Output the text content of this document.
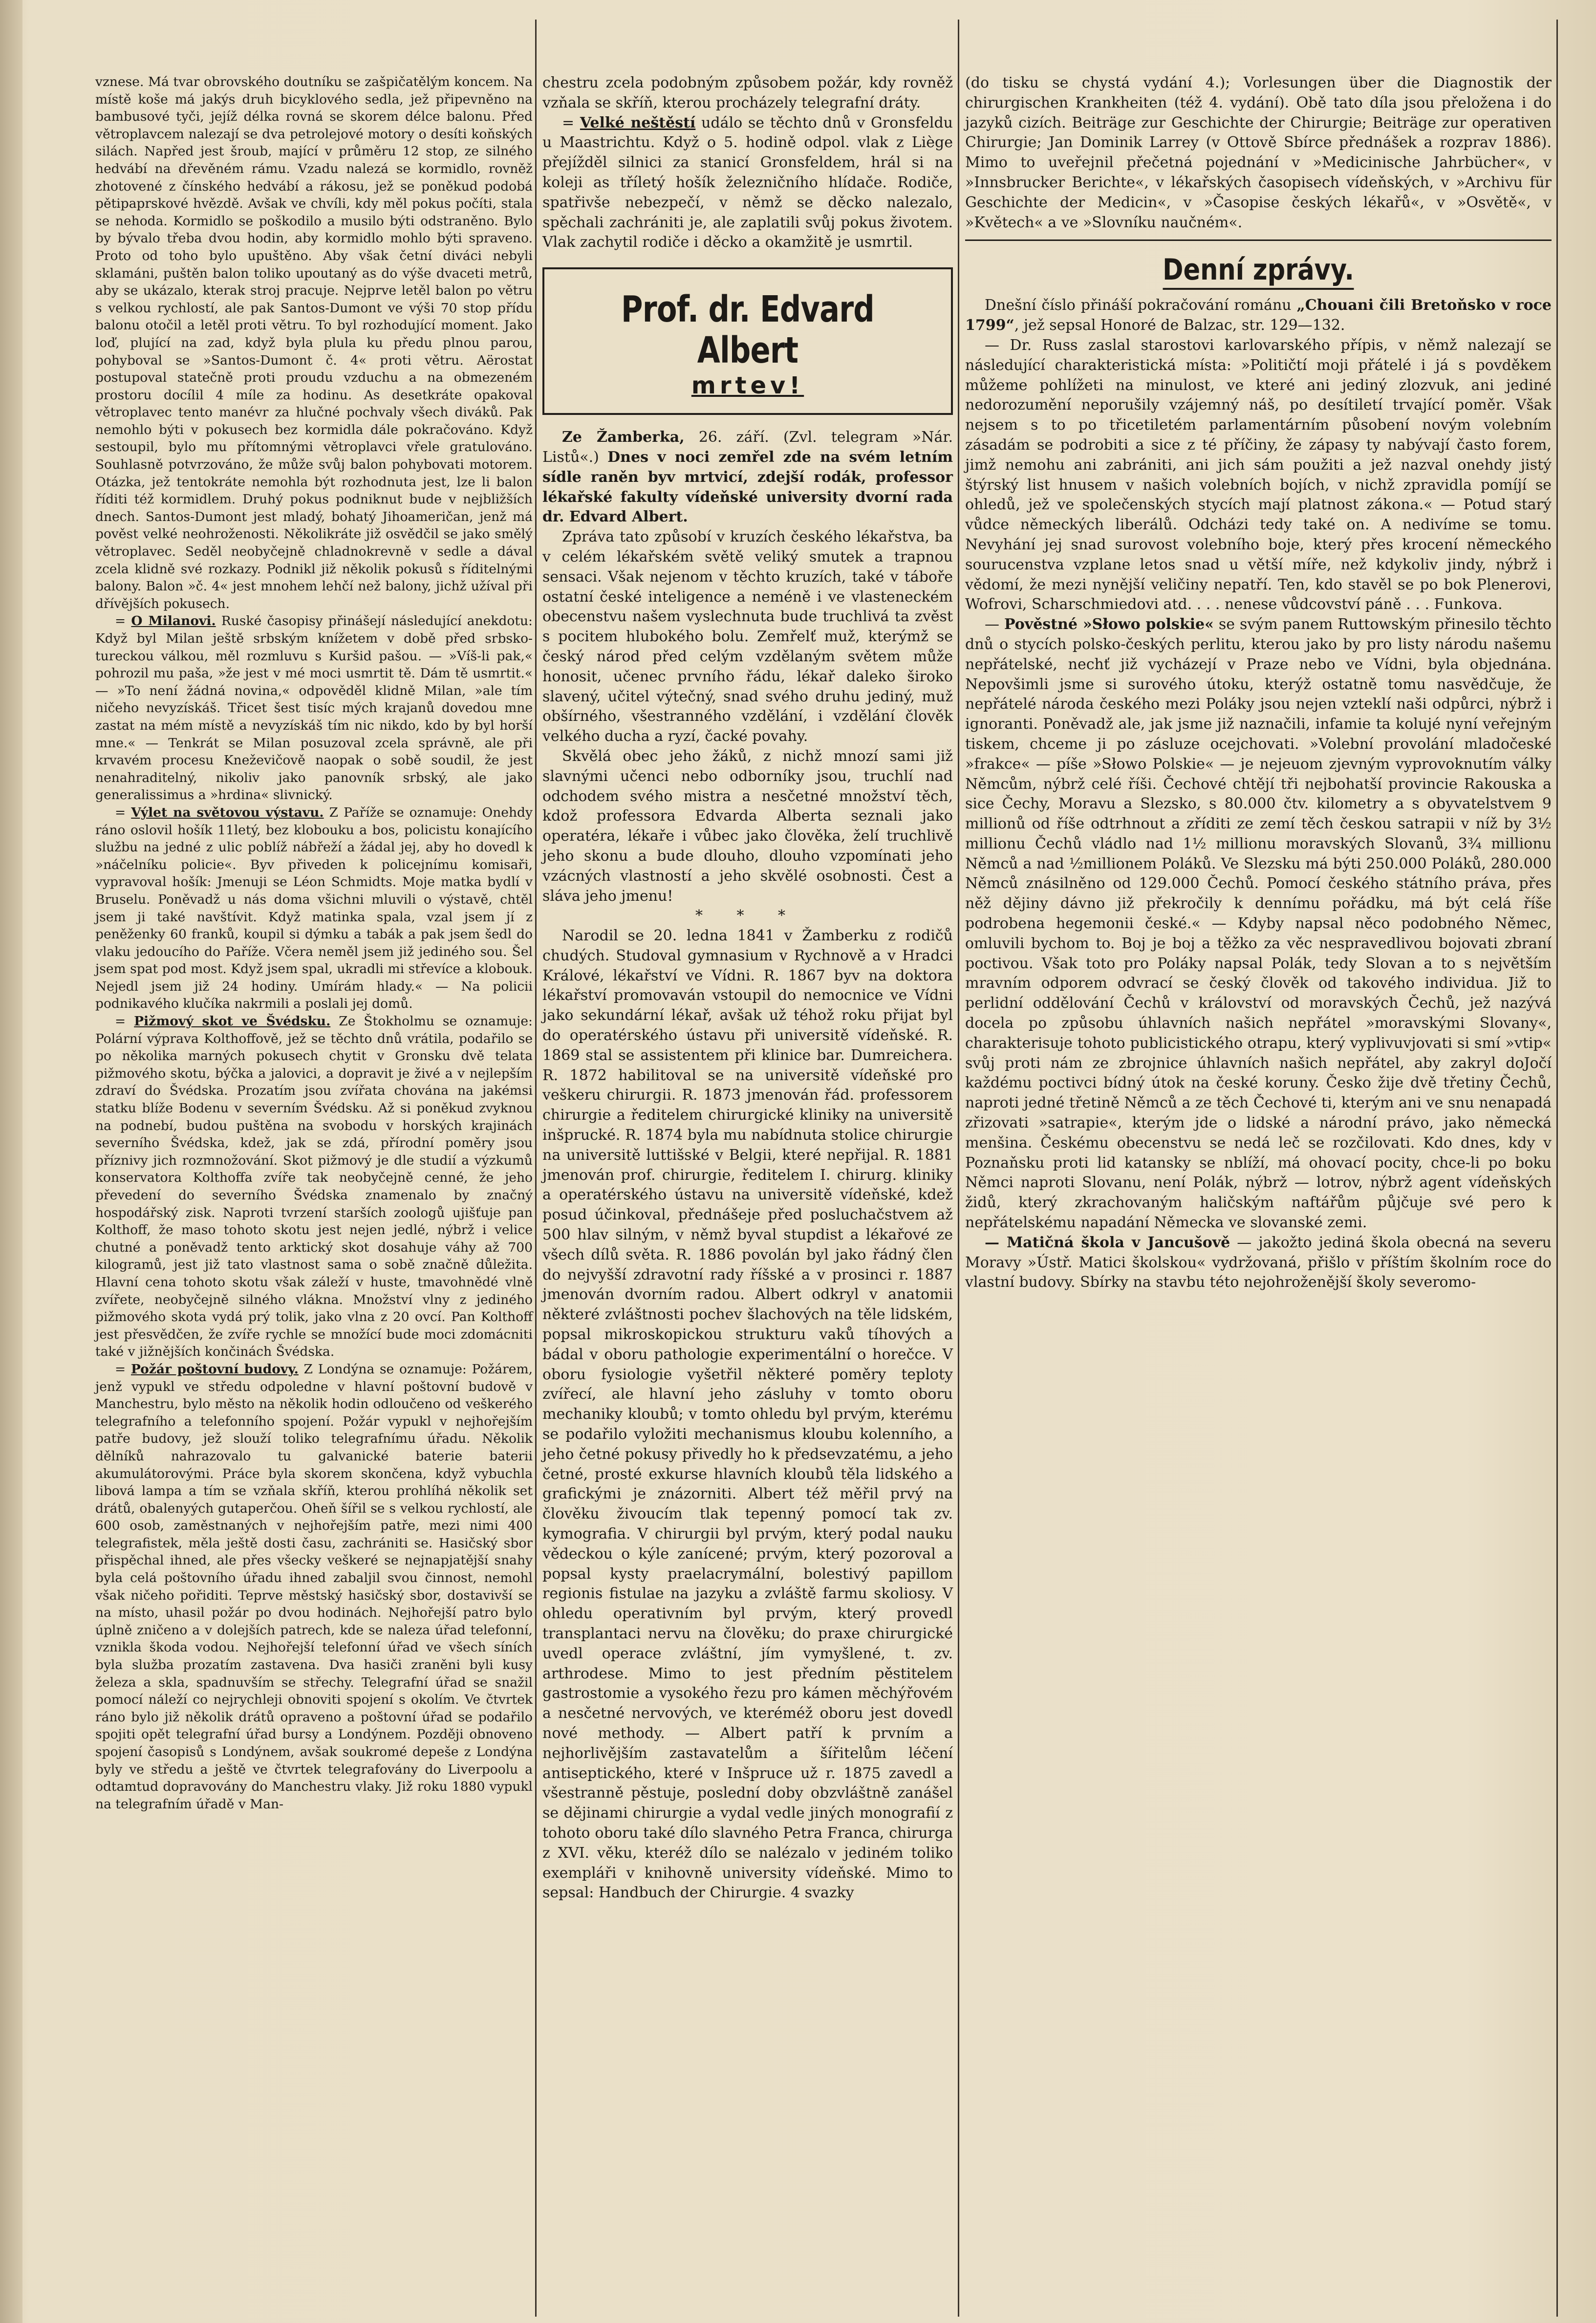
vznese. Má tvar obrovského doutníku se zašpičatělým koncem. Na místě koše má jakýs druh bicyklového sedla, jež připevněno na bambusové tyči, jejíž délka rovná se skorem délce balonu. Před větroplavcem nalezají se dva petrolejové motory o desíti koňských silách. Napřed jest šroub, mající v průměru 12 stop, ze silného hedvábí na dřevěném rámu. Vzadu nalezá se kormidlo, rovněž zhotovené z čínského hedvábí a rákosu, jež se poněkud podobá pětipaprskové hvězdě. Avšak ve chvíli, kdy měl pokus počíti, stala se nehoda. Kormidlo se poškodilo a musilo býti odstraněno. Bylo by bývalo třeba dvou hodin, aby kormidlo mohlo býti spraveno. Proto od toho bylo upuštěno. Aby však četní diváci nebyli sklamáni, puštěn balon toliko upoutaný as do výše dvaceti metrů, aby se ukázalo, kterak stroj pracuje. Nejprve letěl balon po větru s velkou rychlostí, ale pak Santos-Dumont ve výši 70 stop přídu balonu otočil a letěl proti větru. To byl rozhodující moment. Jako loď, plující na zad, když byla plula ku předu plnou parou, pohyboval se »Santos-Dumont č. 4« proti větru. Aërostat postupoval statečně proti proudu vzduchu a na obmezeném prostoru docílil 4 míle za hodinu. As desetkráte opakoval větroplavec tento manévr za hlučné pochvaly všech diváků. Pak nemohlo býti v pokusech bez kormidla dále pokračováno. Když sestoupil, bylo mu přítomnými větroplavci vřele gratulováno. Souhlasně potvrzováno, že může svůj balon pohybovati motorem. Otázka, jež tentokráte nemohla být rozhodnuta jest, lze li balon říditi též kormidlem. Druhý pokus podniknut bude v nejbližších dnech. Santos-Dumont jest mladý, bohatý Jihoameričan, jenž má pověst velké neohroženosti. Několikráte již osvědčil se jako smělý větroplavec. Seděl neobyčejně chladnokrevně v sedle a dával zcela klidně své rozkazy. Podnikl již několik pokusů s říditelnými balony. Balon »č. 4« jest mnohem lehčí než balony, jichž užíval při dřívějších pokusech.

= O Milanovi. Ruské časopisy přinášejí následující anekdotu: Když byl Milan ještě srbským knížetem v době před srbsko-tureckou válkou, měl rozmluvu s Kuršid pašou. — »Víš-li pak,« pohrozil mu paša, »že jest v mé moci usmrtit tě. Dám tě usmrtit.« — »To není žádná novina,« odpověděl klidně Milan, »ale tím ničeho nevyzískáš. Třicet šest tisíc mých krajanů dovedou mne zastat na mém místě a nevyzískáš tím nic nikdo, kdo by byl horší mne.« — Tenkrát se Milan posuzoval zcela správně, ale při krvavém procesu Kneževičově naopak o sobě soudil, že jest nenahraditelný, nikoliv jako panovník srbský, ale jako generalissimus a »hrdina« slivnický.

= Výlet na světovou výstavu. Z Paříže se oznamuje: Onehdy ráno oslovil hošík 11letý, bez klobouku a bos, policistu konajícího službu na jedné z ulic poblíž nábřeží a žádal jej, aby ho dovedl k »náčelníku policie«. Byv přiveden k policejnímu komisaři, vypravoval hošík: Jmenuji se Léon Schmidts. Moje matka bydlí v Bruselu. Poněvadž u nás doma všichni mluvili o výstavě, chtěl jsem ji také navštívit. Když matinka spala, vzal jsem jí z peněženky 60 franků, koupil si dýmku a tabák a pak jsem šedl do vlaku jedoucího do Paříže. Včera neměl jsem již jediného sou. Šel jsem spat pod most. Když jsem spal, ukradli mi střevíce a klobouk. Nejedl jsem již 24 hodiny. Umírám hlady.« — Na policii podnikavého klučíka nakrmili a poslali jej domů.

= Pižmový skot ve Švédsku. Ze Štokholmu se oznamuje: Polární výprava Kolthoffově, jež se těchto dnů vrátila, podařilo se po několika marných pokusech chytit v Gronsku dvě telata pižmového skotu, býčka a jalovici, a dopravit je živé a v nejlepším zdraví do Švédska. Prozatím jsou zvířata chována na jakémsi statku blíže Bodenu v severním Švédsku. Až si poněkud zvyknou na podnebí, budou puštěna na svobodu v horských krajinách severního Švédska, kdež, jak se zdá, přírodní poměry jsou příznivy jich rozmnožování. Skot pižmový je dle studií a výzkumů konservatora Kolthoffa zvíře tak neobyčejně cenné, že jeho převedení do severního Švédska znamenalo by značný hospodářský zisk. Naproti tvrzení starších zoologů ujišťuje pan Kolthoff, že maso tohoto skotu jest nejen jedlé, nýbrž i velice chutné a poněvadž tento arktický skot dosahuje váhy až 700 kilogramů, jest již tato vlastnost sama o sobě značně důležita. Hlavní cena tohoto skotu však záleží v huste, tmavohnědé vlně zvířete, neobyčejně silného vlákna. Množství vlny z jediného pižmového skota vydá prý tolik, jako vlna z 20 ovcí. Pan Kolthoff jest přesvědčen, že zvíře rychle se množící bude moci zdomácniti také v jižnějších končinách Švédska.

= Požár poštovní budovy. Z Londýna se oznamuje: Požárem, jenž vypukl ve středu odpoledne v hlavní poštovní budově v Manchestru, bylo město na několik hodin odloučeno od veškerého telegrafního a telefonního spojení. Požár vypukl v nejhořejším patře budovy, jež slouží toliko telegrafnímu úřadu. Několik dělníků nahrazovalo tu galvanické baterie baterii akumulátorovými. Práce byla skorem skončena, když vybuchla libová lampa a tím se vzňala skříň, kterou prohlíhá několik set drátů, obalenyých gutaperčou. Oheň šířil se s velkou rychlostí, ale 600 osob, zaměstnaných v nejhořejším patře, mezi nimi 400 telegrafistek, měla ještě dosti času, zachrániti se. Hasičský sbor přispěchal ihned, ale přes všecky veškeré se nejnapjatější snahy byla celá poštovního úřadu ihned zabaljil svou činnost, nemohl však ničeho pořiditi. Teprve městský hasičský sbor, dostavivší se na místo, uhasil požár po dvou hodinách. Nejhořejší patro bylo úplně zničeno a v dolejších patrech, kde se naleza úřad telefonní, vznikla škoda vodou. Nejhořejší telefonní úřad ve všech síních byla služba prozatím zastavena. Dva hasiči zraněni byli kusy železa a skla, spadnuvším se střechy. Telegrafní úřad se snažil pomocí náleží co nejrychleji obnoviti spojení s okolím. Ve čtvrtek ráno bylo již několik drátů opraveno a poštovní úřad se podařilo spojiti opět telegrafní úřad bursy a Londýnem. Později obnoveno spojení časopisů s Londýnem, avšak soukromé depeše z Londýna byly ve středu a ještě ve čtvrtek telegrafovány do Liverpoolu a odtamtud dopravovány do Manchestru vlaky. Již roku 1880 vypukl na telegrafním úřadě v Man-

chestru zcela podobným způsobem požár, kdy rovněž vzňala se skříň, kterou procházely telegrafní dráty.

= Velké neštěstí událo se těchto dnů v Gronsfeldu u Maastrichtu. Když o 5. hodině odpol. vlak z Liège přejížděl silnici za stanicí Gronsfeldem, hrál si na koleji as tříletý hošík železničního hlídače. Rodiče, spatřivše nebezpečí, v němž se děcko nalezalo, spěchali zachrániti je, ale zaplatili svůj pokus životem. Vlak zachytil rodiče i děcko a okamžitě je usmrtil.

Prof. dr. Edvard Albert
mrtev!

Ze Žamberka, 26. září. (Zvl. telegram »Nár. Listů«.) Dnes v noci zemřel zde na svém letním sídle raněn byv mrtvicí, zdejší rodák, professor lékařské fakulty vídeňské university dvorní rada dr. Edvard Albert.

Zpráva tato způsobí v kruzích českého lékařstva, ba v celém lékařském světě veliký smutek a trapnou sensaci. Však nejenom v těchto kruzích, také v táboře ostatní české inteligence a neméně i ve vlasteneckém obecenstvu našem vyslechnuta bude truchlivá ta zvěst s pocitem hlubokého bolu. Zemřelť muž, kterýmž se český národ před celým vzdělaným světem může honosit, učenec prvního řádu, lékař daleko široko slavený, učitel výtečný, snad svého druhu jediný, muž obšírného, všestranného vzdělání, i vzdělání člověk velkého ducha a ryzí, čacké povahy.

Skvělá obec jeho žáků, z nichž mnozí sami již slavnými učenci nebo odborníky jsou, truchlí nad odchodem svého mistra a nesčetné množství těch, kdož professora Edvarda Alberta seznali jako operatéra, lékaře i vůbec jako člověka, želí truchlivě jeho skonu a bude dlouho, dlouho vzpomínati jeho vzácných vlastností a jeho skvělé osobnosti. Čest a sláva jeho jmenu!

* * *

Narodil se 20. ledna 1841 v Žamberku z rodičů chudých. Studoval gymnasium v Rychnově a v Hradci Králové, lékařství ve Vídni. R. 1867 byv na doktora lékařství promovaván vstoupil do nemocnice ve Vídni jako sekundární lékař, avšak už téhož roku přijat byl do operatérského ústavu při universitě vídeňské. R. 1869 stal se assistentem při klinice bar. Dumreichera. R. 1872 habilitoval se na universitě vídeňské pro veškeru chirurgii. R. 1873 jmenován řád. professorem chirurgie a ředitelem chirurgické kliniky na universitě inšprucké. R. 1874 byla mu nabídnuta stolice chirurgie na universitě luttišské v Belgii, které nepřijal. R. 1881 jmenován prof. chirurgie, ředitelem I. chirurg. kliniky a operatérského ústavu na universitě vídeňské, kdež posud účinkoval, přednášeje před posluchačstvem až 500 hlav silným, v němž byval stupdist a lékařové ze všech dílů světa. R. 1886 povolán byl jako řádný člen do nejvyšší zdravotní rady říšské a v prosinci r. 1887 jmenován dvorním radou. Albert odkryl v anatomii některé zvláštnosti pochev šlachových na těle lidském, popsal mikroskopickou strukturu vaků tíhových a bádal v oboru pathologie experimentální o horečce. V oboru fysiologie vyšetřil některé poměry teploty zvířecí, ale hlavní jeho zásluhy v tomto oboru mechaniky kloubů; v tomto ohledu byl prvým, kterému se podařilo vyložiti mechanismus kloubu kolenního, a jeho četné pokusy přivedly ho k předsevzatému, a jeho četné, prosté exkurse hlavních kloubů těla lidského a grafickými je znázorniti. Albert též měřil prvý na člověku živoucím tlak tepenný pomocí tak zv. kymografia. V chirurgii byl prvým, který podal nauku vědeckou o kýle zanícené; prvým, který pozoroval a popsal kysty praelacrymální, bolestivý papillom regionis fistulae na jazyku a zvláště farmu skoliosy. V ohledu operativním byl prvým, který provedl transplantaci nervu na člověku; do praxe chirurgické uvedl operace zvláštní, jím vymyšlené, t. zv. arthrodese. Mimo to jest předním pěstitelem gastrostomie a vysokého řezu pro kámen měchýřovém a nesčetné nervových, ve kteréméž oboru jest dovedl nové methody. — Albert patří k prvním a nejhorlivějším zastavatelům a šířitelům léčení antiseptického, které v Inšpruce už r. 1875 zavedl a všestranně pěstuje, poslední doby obzvláštně zanášel se dějinami chirurgie a vydal vedle jiných monografií z tohoto oboru také dílo slavného Petra Franca, chirurga z XVI. věku, kteréž dílo se nalézalo v jediném toliko exempláři v knihovně university vídeňské. Mimo to sepsal: Handbuch der Chirurgie. 4 svazky

(do tisku se chystá vydání 4.); Vorlesungen über die Diagnostik der chirurgischen Krankheiten (též 4. vydání). Obě tato díla jsou přeložena i do jazyků cizích. Beiträge zur Geschichte der Chirurgie; Beiträge zur operativen Chirurgie; Jan Dominik Larrey (v Ottově Sbírce přednášek a rozprav 1886). Mimo to uveřejnil přečetná pojednání v »Medicinische Jahrbücher«, v »Innsbrucker Berichte«, v lékařských časopisech vídeňských, v »Archivu für Geschichte der Medicin«, v »Časopise českých lékařů«, v »Osvětě«, v »Květech« a ve »Slovníku naučném«.

Denní zprávy.

Dnešní číslo přináší pokračování románu „Chouani čili Bretoňsko v roce 1799“, jež sepsal Honoré de Balzac, str. 129—132.

— Dr. Russ zaslal starostovi karlovarského přípis, v němž nalezají se následující charakteristická místa: »Političtí moji přátelé i já s povděkem můžeme pohlížeti na minulost, ve které ani jediný zlozvuk, ani jediné nedorozumění neporušily vzájemný náš, po desítiletí trvající poměr. Však nejsem s to po třicetiletém parlamentárním působení novým volebním zásadám se podrobiti a sice z té příčiny, že zápasy ty nabývají často forem, jimž nemohu ani zabrániti, ani jich sám použiti a jež nazval onehdy jistý štýrský list hnusem v našich volebních bojích, v nichž zpravidla pomíjí se ohledů, jež ve společenských stycích mají platnost zákona.« — Potud starý vůdce německých liberálů. Odcházi tedy také on. A nedivíme se tomu. Nevyhání jej snad surovost volebního boje, který přes krocení německého sourucenstva vzplane letos snad u větší míře, než kdykoliv jindy, nýbrž i vědomí, že mezi nynější veličiny nepatří. Ten, kdo stavěl se po bok Plenerovi, Wofrovi, Scharschmiedovi atd. . . . nenese vůdcovství páně . . . Funkova.

— Pověstné »Słowo polskie« se svým panem Ruttowským přinesilo těchto dnů o stycích polsko-českých perlitu, kterou jako by pro listy národu našemu nepřátelské, nechť již vycházejí v Praze nebo ve Vídni, byla objednána. Nepovšimli jsme si surového útoku, kterýž ostatně tomu nasvědčuje, že nepřátelé národa českého mezi Poláky jsou nejen vzteklí naši odpůrci, nýbrž i ignoranti. Poněvadž ale, jak jsme již naznačili, infamie ta kolujé nyní veřejným tiskem, chceme ji po zásluze ocejchovati. »Volební provolání mladočeské »frakce« — píše »Słowo Polskie« — je nejeuom zjevným vyprovoknutím války Němcům, nýbrž celé říši. Čechové chtějí tři nejbohatší provincie Rakouska a sice Čechy, Moravu a Slezsko, s 80.000 čtv. kilometry a s obyvatelstvem 9 millionů od říše odtrhnout a zříditi ze zemí těch českou satrapii v níž by 3½ millionu Čechů vládlo nad 1½ millionu moravských Slovanů, 3¾ millionu Němců a nad ½millionem Poláků. Ve Slezsku má býti 250.000 Poláků, 280.000 Němců znásilněno od 129.000 Čechů. Pomocí českého státního práva, přes něž dějiny dávno již překročily k dennímu pořádku, má být celá říše podrobena hegemonii české.« — Kdyby napsal něco podobného Němec, omluvili bychom to. Boj je boj a těžko za věc nespravedlivou bojovati zbraní poctivou. Však toto pro Poláky napsal Polák, tedy Slovan a to s největším mravním odporem odvrací se český člověk od takového individua. Již to perlidní oddělování Čechů v království od moravských Čechů, jež nazývá docela po způsobu úhlavních našich nepřátel »moravskými Slovany«, charakterisuje tohoto publicistického otrapu, který vyplivuvjovati si smí »vtip« svůj proti nám ze zbrojnice úhlavních našich nepřátel, aby zakryl doJočí každému poctivci bídný útok na české koruny. Česko žije dvě třetiny Čechů, naproti jedné třetině Němců a ze těch Čechové ti, kterým ani ve snu nenapadá zřizovati »satrapie«, kterým jde o lidské a národní právo, jako německá menšina. Českému obecenstvu se nedá leč se rozčilovati. Kdo dnes, kdy v Poznaňsku proti lid katansky se nblíží, má ohovací pocity, chce-li po boku Němci naproti Slovanu, není Polák, nýbrž — lotrov, nýbrž agent vídeňských židů, který zkrachovaným haličským naftářům půjčuje své pero k nepřátelskému napadání Německa ve slovanské zemi.

— Matičná škola v Jancušově — jakožto jediná škola obecná na severu Moravy »Ústř. Matici školskou« vydržovaná, přišlo v příštím školním roce do vlastní budovy. Sbírky na stavbu této nejohroženější školy severomo-
